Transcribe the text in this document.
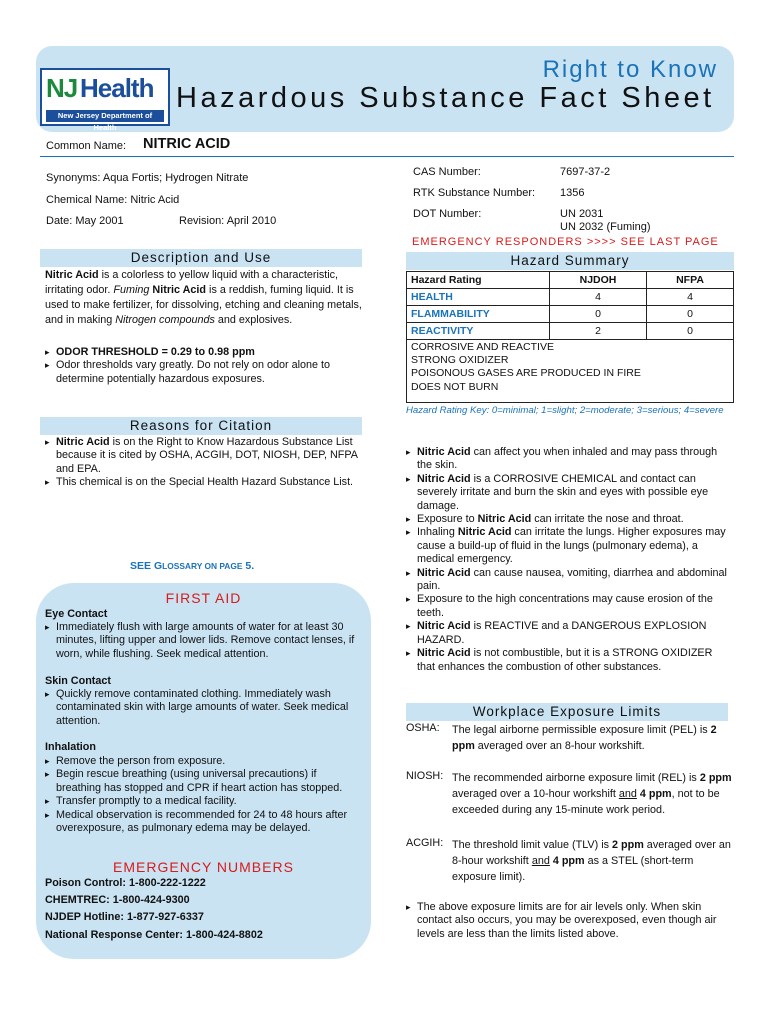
NJ Health
New Jersey Department of Health
Right to Know
Hazardous Substance Fact Sheet
Common Name: NITRIC ACID
Synonyms: Aqua Fortis; Hydrogen Nitrate
Chemical Name: Nitric Acid
Date: May 2001	Revision: April 2010
CAS Number:	7697-37-2
RTK Substance Number: 1356
DOT Number:	UN 2031
UN 2032 (Fuming)
EMERGENCY RESPONDERS >>>> SEE LAST PAGE
Description and Use
Nitric Acid is a colorless to yellow liquid with a characteristic, irritating odor. Fuming Nitric Acid is a reddish, fuming liquid. It is used to make fertilizer, for dissolving, etching and cleaning metals, and in making Nitrogen compounds and explosives.
▸ ODOR THRESHOLD = 0.29 to 0.98 ppm
▸ Odor thresholds vary greatly. Do not rely on odor alone to determine potentially hazardous exposures.
Hazard Summary
Hazard Rating	NJDOH	NFPA
HEALTH	4	4
FLAMMABILITY	0	0
REACTIVITY	2	0

CORROSIVE AND REACTIVE
STRONG OXIDIZER
POISONOUS GASES ARE PRODUCED IN FIRE
DOES NOT BURN		
Hazard Rating Key: 0=minimal; 1=slight; 2=moderate; 3=serious; 4=severe
Reasons for Citation
▸ Nitric Acid is on the Right to Know Hazardous Substance List because it is cited by OSHA, ACGIH, DOT, NIOSH, DEP, NFPA and EPA.
▸ This chemical is on the Special Health Hazard Substance List.
SEE GLOSSARY ON PAGE 5.
FIRST AID
Eye Contact
▸ Immediately flush with large amounts of water for at least 30 minutes, lifting upper and lower lids. Remove contact lenses, if worn, while flushing. Seek medical attention.
Skin Contact
▸ Quickly remove contaminated clothing. Immediately wash contaminated skin with large amounts of water. Seek medical attention.
Inhalation
▸ Remove the person from exposure.
▸ Begin rescue breathing (using universal precautions) if breathing has stopped and CPR if heart action has stopped.
▸ Transfer promptly to a medical facility.
▸ Medical observation is recommended for 24 to 48 hours after overexposure, as pulmonary edema may be delayed.
EMERGENCY NUMBERS
Poison Control: 1-800-222-1222
CHEMTREC: 1-800-424-9300
NJDEP Hotline: 1-877-927-6337
National Response Center: 1-800-424-8802
▸ Nitric Acid can affect you when inhaled and may pass through the skin.
▸ Nitric Acid is a CORROSIVE CHEMICAL and contact can severely irritate and burn the skin and eyes with possible eye damage.
▸ Exposure to Nitric Acid can irritate the nose and throat.
▸ Inhaling Nitric Acid can irritate the lungs. Higher exposures may cause a build-up of fluid in the lungs (pulmonary edema), a medical emergency.
▸ Nitric Acid can cause nausea, vomiting, diarrhea and abdominal pain.
▸ Exposure to the high concentrations may cause erosion of the teeth.
▸ Nitric Acid is REACTIVE and a DANGEROUS EXPLOSION HAZARD.
▸ Nitric Acid is not combustible, but it is a STRONG OXIDIZER that enhances the combustion of other substances.
Workplace Exposure Limits
OSHA: The legal airborne permissible exposure limit (PEL) is 2 ppm averaged over an 8-hour workshift.
NIOSH: The recommended airborne exposure limit (REL) is 2 ppm averaged over a 10-hour workshift and 4 ppm, not to be exceeded during any 15-minute work period.
ACGIH: The threshold limit value (TLV) is 2 ppm averaged over an 8-hour workshift and 4 ppm as a STEL (short-term exposure limit).
▸ The above exposure limits are for air levels only. When skin contact also occurs, you may be overexposed, even though air levels are less than the limits listed above.
